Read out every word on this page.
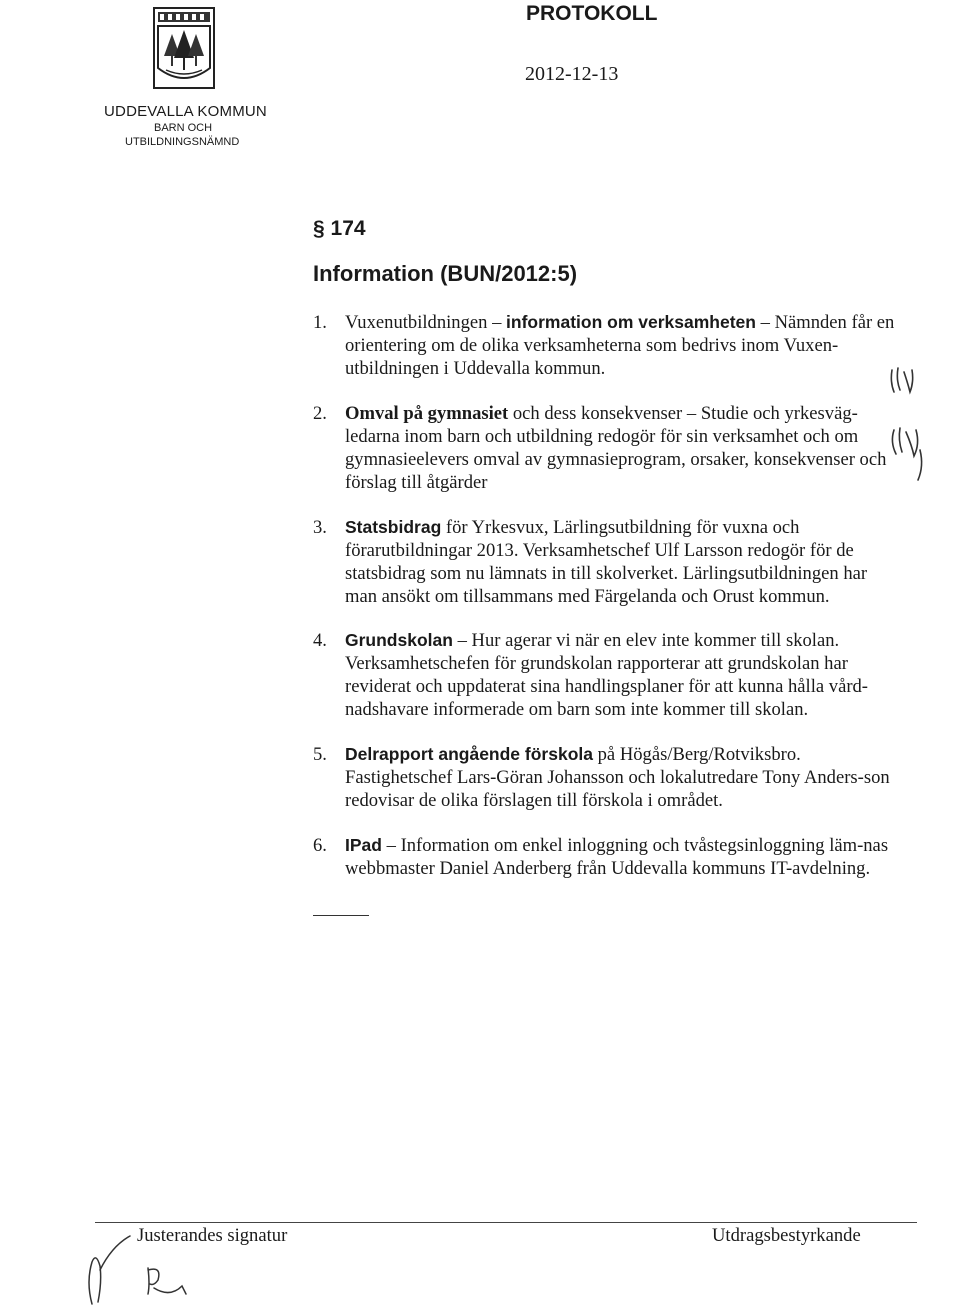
UDDEVALLA KOMMUN
BARN OCH
UTBILDNINGSNÄMND
PROTOKOLL
2012-12-13
§ 174
Information (BUN/2012:5)
1. Vuxenutbildningen – information om verksamheten – Nämnden får en orientering om de olika verksamheterna som bedrivs inom Vuxen-utbildningen i Uddevalla kommun.
2. Omval på gymnasiet och dess konsekvenser – Studie och yrkesväg-ledarna inom barn och utbildning redogör för sin verksamhet och om gymnasieelevers omval av gymnasieprogram, orsaker, konsekvenser och förslag till åtgärder
3. Statsbidrag för Yrkesvux, Lärlingsutbildning för vuxna och förarutbildningar 2013. Verksamhetschef Ulf Larsson redogör för de statsbidrag som nu lämnats in till skolverket. Lärlingsutbildningen har man ansökt om tillsammans med Färgelanda och Orust kommun.
4. Grundskolan – Hur agerar vi när en elev inte kommer till skolan. Verksamhetschefen för grundskolan rapporterar att grundskolan har reviderat och uppdaterat sina handlingsplaner för att kunna hålla vård-nadshavare informerade om barn som inte kommer till skolan.
5. Delrapport angående förskola på Högås/Berg/Rotviksbro. Fastighetschef Lars-Göran Johansson och lokalutredare Tony Anders-son redovisar de olika förslagen till förskola i området.
6. IPad – Information om enkel inloggning och tvåstegsinloggning läm-nas webbmaster Daniel Anderberg från Uddevalla kommuns IT-avdelning.
Justerandes signatur	Utdragsbestyrkande
